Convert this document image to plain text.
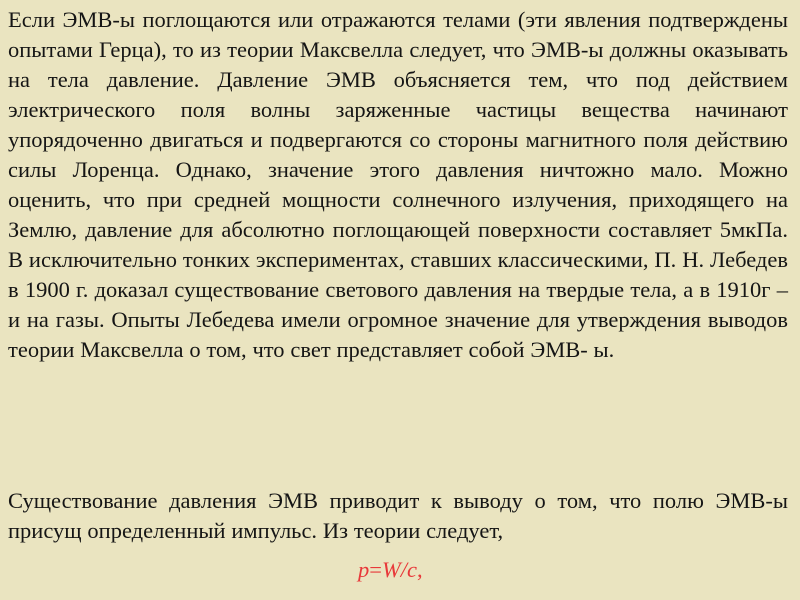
Если ЭМВ-ы поглощаются или отражаются телами (эти явления подтверждены опытами Герца), то из теории Максвелла следует, что ЭМВ-ы должны оказывать на тела давление. Давление ЭМВ объясняется тем, что под действием электрического поля волны заряженные частицы вещества начинают упорядоченно двигаться и подвергаются со стороны магнитного поля действию силы Лоренца. Однако, значение этого давления ничтожно мало. Можно оценить, что при средней мощности солнечного излучения, приходящего на Землю, давление для абсолютно поглощающей поверхности составляет 5мкПа. В исключительно тонких экспериментах, ставших классическими, П. Н. Лебедев в 1900 г. доказал существование светового давления на твердые тела, а в 1910г – и на газы. Опыты Лебедева имели огромное значение для утверждения выводов теории Максвелла о том, что свет представляет собой ЭМВ- ы.

Существование давления ЭМВ приводит к выводу о том, что полю ЭМВ-ы присущ определенный импульс. Из теории следует,

p=W/c,
